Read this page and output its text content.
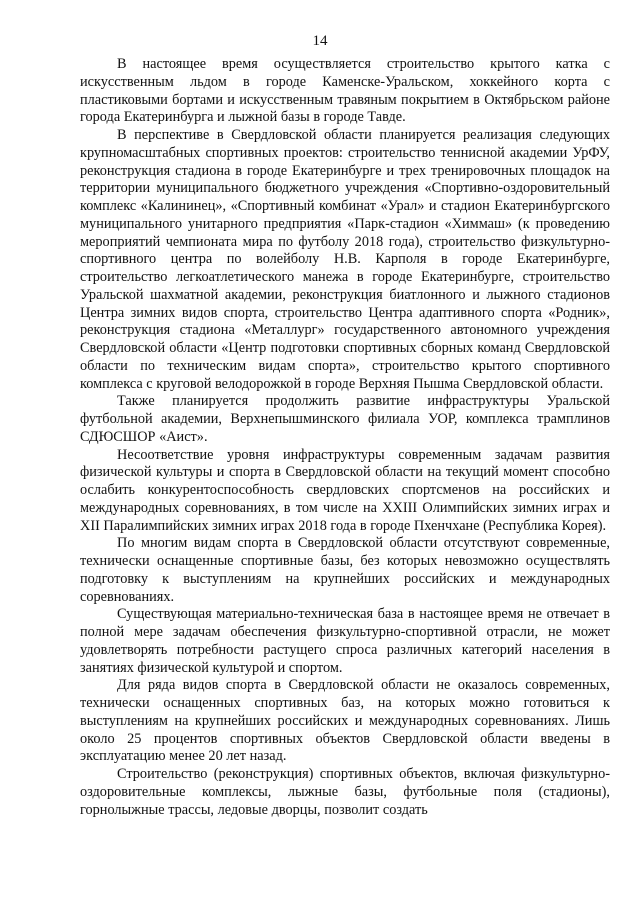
14

В настоящее время осуществляется строительство крытого катка с искусственным льдом в городе Каменске-Уральском, хоккейного корта с пластиковыми бортами и искусственным травяным покрытием в Октябрьском районе города Екатеринбурга и лыжной базы в городе Тавде.

В перспективе в Свердловской области планируется реализация следующих крупномасштабных спортивных проектов: строительство теннисной академии УрФУ, реконструкция стадиона в городе Екатеринбурге и трех тренировочных площадок на территории муниципального бюджетного учреждения «Спортивно-оздоровительный комплекс «Калининец», «Спортивный комбинат «Урал» и стадион Екатеринбургского муниципального унитарного предприятия «Парк-стадион «Химмаш» (к проведению мероприятий чемпионата мира по футболу 2018 года), строительство физкультурно-спортивного центра по волейболу Н.В. Карполя в городе Екатеринбурге, строительство легкоатлетического манежа в городе Екатеринбурге, строительство Уральской шахматной академии, реконструкция биатлонного и лыжного стадионов Центра зимних видов спорта, строительство Центра адаптивного спорта «Родник», реконструкция стадиона «Металлург» государственного автономного учреждения Свердловской области «Центр подготовки спортивных сборных команд Свердловской области по техническим видам спорта», строительство крытого спортивного комплекса с круговой велодорожкой в городе Верхняя Пышма Свердловской области.

Также планируется продолжить развитие инфраструктуры Уральской футбольной академии, Верхнепышминского филиала УОР, комплекса трамплинов СДЮСШОР «Аист».

Несоответствие уровня инфраструктуры современным задачам развития физической культуры и спорта в Свердловской области на текущий момент способно ослабить конкурентоспособность свердловских спортсменов на российских и международных соревнованиях, в том числе на XXIII Олимпийских зимних играх и XII Паралимпийских зимних играх 2018 года в городе Пхенчхане (Республика Корея).

По многим видам спорта в Свердловской области отсутствуют современные, технически оснащенные спортивные базы, без которых невозможно осуществлять подготовку к выступлениям на крупнейших российских и международных соревнованиях.

Существующая материально-техническая база в настоящее время не отвечает в полной мере задачам обеспечения физкультурно-спортивной отрасли, не может удовлетворять потребности растущего спроса различных категорий населения в занятиях физической культурой и спортом.

Для ряда видов спорта в Свердловской области не оказалось современных, технически оснащенных спортивных баз, на которых можно готовиться к выступлениям на крупнейших российских и международных соревнованиях. Лишь около 25 процентов спортивных объектов Свердловской области введены в эксплуатацию менее 20 лет назад.

Строительство (реконструкция) спортивных объектов, включая физкультурно-оздоровительные комплексы, лыжные базы, футбольные поля (стадионы), горнолыжные трассы, ледовые дворцы, позволит создать
